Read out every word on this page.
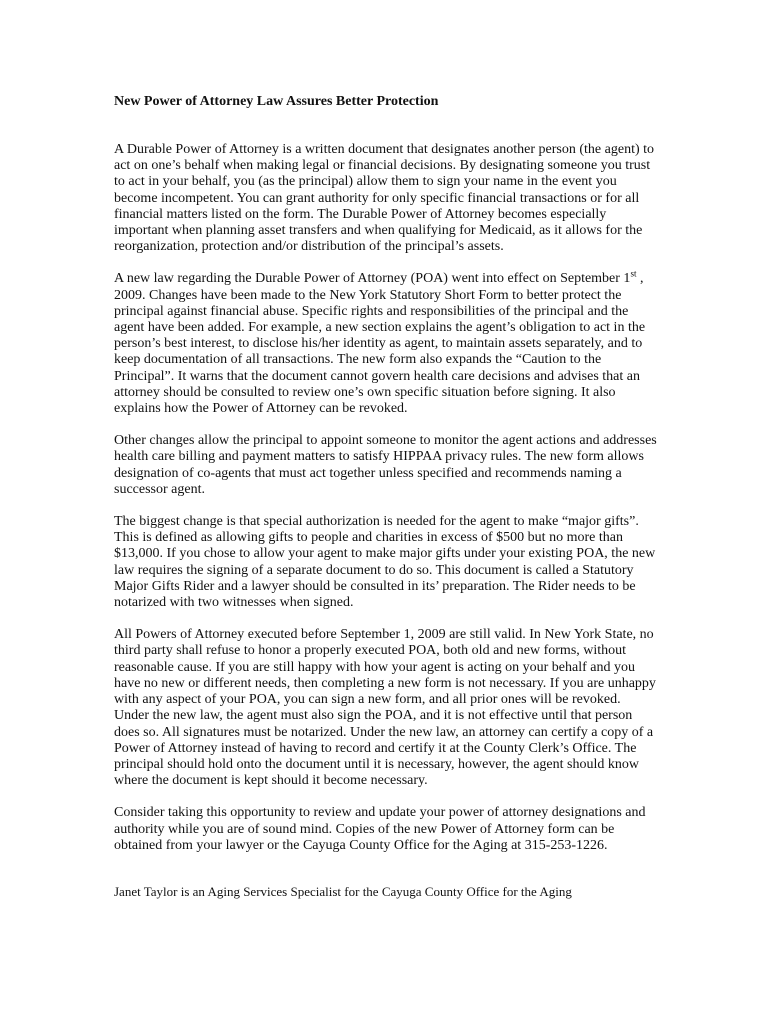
New Power of Attorney Law Assures Better Protection

A Durable Power of Attorney is a written document that designates another person (the agent) to act on one’s behalf when making legal or financial decisions. By designating someone you trust to act in your behalf, you (as the principal) allow them to sign your name in the event you become incompetent. You can grant authority for only specific financial transactions or for all financial matters listed on the form. The Durable Power of Attorney becomes especially important when planning asset transfers and when qualifying for Medicaid, as it allows for the reorganization, protection and/or distribution of the principal’s assets.

A new law regarding the Durable Power of Attorney (POA) went into effect on September 1st , 2009. Changes have been made to the New York Statutory Short Form to better protect the principal against financial abuse. Specific rights and responsibilities of the principal and the agent have been added. For example, a new section explains the agent’s obligation to act in the person’s best interest, to disclose his/her identity as agent, to maintain assets separately, and to keep documentation of all transactions. The new form also expands the “Caution to the Principal”. It warns that the document cannot govern health care decisions and advises that an attorney should be consulted to review one’s own specific situation before signing. It also explains how the Power of Attorney can be revoked.

Other changes allow the principal to appoint someone to monitor the agent actions and addresses health care billing and payment matters to satisfy HIPPAA privacy rules. The new form allows designation of co-agents that must act together unless specified and recommends naming a successor agent.

The biggest change is that special authorization is needed for the agent to make “major gifts”. This is defined as allowing gifts to people and charities in excess of $500 but no more than $13,000. If you chose to allow your agent to make major gifts under your existing POA, the new law requires the signing of a separate document to do so. This document is called a Statutory Major Gifts Rider and a lawyer should be consulted in its’ preparation. The Rider needs to be notarized with two witnesses when signed.

All Powers of Attorney executed before September 1, 2009 are still valid. In New York State, no third party shall refuse to honor a properly executed POA, both old and new forms, without reasonable cause. If you are still happy with how your agent is acting on your behalf and you have no new or different needs, then completing a new form is not necessary. If you are unhappy with any aspect of your POA, you can sign a new form, and all prior ones will be revoked. Under the new law, the agent must also sign the POA, and it is not effective until that person does so. All signatures must be notarized. Under the new law, an attorney can certify a copy of a Power of Attorney instead of having to record and certify it at the County Clerk’s Office. The principal should hold onto the document until it is necessary, however, the agent should know where the document is kept should it become necessary.

Consider taking this opportunity to review and update your power of attorney designations and authority while you are of sound mind. Copies of the new Power of Attorney form can be obtained from your lawyer or the Cayuga County Office for the Aging at 315-253-1226.

Janet Taylor is an Aging Services Specialist for the Cayuga County Office for the Aging
